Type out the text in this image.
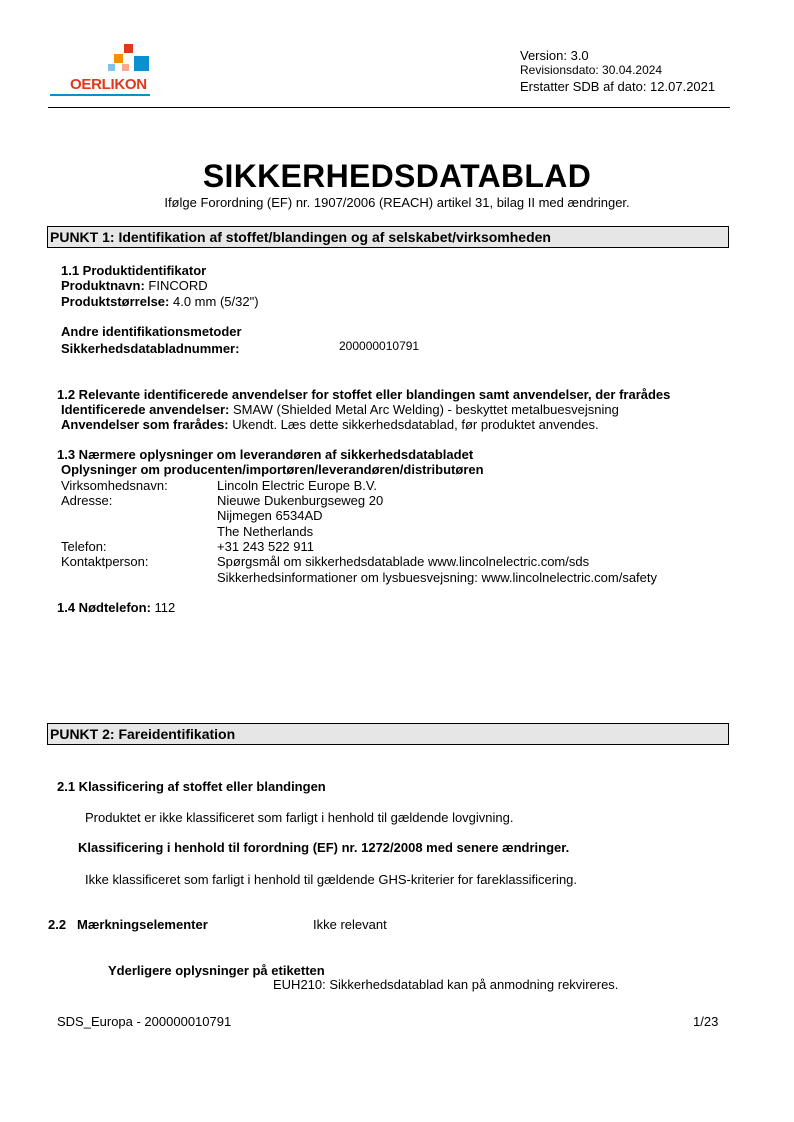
OERLIKON
Version: 3.0
Revisionsdato: 30.04.2024
Erstatter SDB af dato: 12.07.2021
SIKKERHEDSDATABLAD
Ifølge Forordning (EF) nr. 1907/2006 (REACH) artikel 31, bilag II med ændringer.
PUNKT 1: Identifikation af stoffet/blandingen og af selskabet/virksomheden
1.1 Produktidentifikator
Produktnavn: FINCORD
Produktstørrelse: 4.0 mm (5/32")
Andre identifikationsmetoder
Sikkerhedsdatabladnummer:	200000010791
1.2 Relevante identificerede anvendelser for stoffet eller blandingen samt anvendelser, der frarådes
Identificerede anvendelser: SMAW (Shielded Metal Arc Welding) - beskyttet metalbuesvejsning
Anvendelser som frarådes: Ukendt. Læs dette sikkerhedsdatablad, før produktet anvendes.
1.3 Nærmere oplysninger om leverandøren af sikkerhedsdatabladet
Oplysninger om producenten/importøren/leverandøren/distributøren
Virksomhedsnavn:	Lincoln Electric Europe B.V.
Adresse:	Nieuwe Dukenburgseweg 20
Nijmegen 6534AD
The Netherlands
Telefon:	+31 243 522 911
Kontaktperson:	Spørgsmål om sikkerhedsdatablade www.lincolnelectric.com/sds
Sikkerhedsinformationer om lysbuesvejsning: www.lincolnelectric.com/safety
1.4 Nødtelefon: 112
PUNKT 2: Fareidentifikation
2.1 Klassificering af stoffet eller blandingen
Produktet er ikke klassificeret som farligt i henhold til gældende lovgivning.
Klassificering i henhold til forordning (EF) nr. 1272/2008 med senere ændringer.
Ikke klassificeret som farligt i henhold til gældende GHS-kriterier for fareklassificering.
2.2 Mærkningselementer	Ikke relevant
Yderligere oplysninger på etiketten
EUH210: Sikkerhedsdatablad kan på anmodning rekvireres.
SDS_Europa - 200000010791	1/23
